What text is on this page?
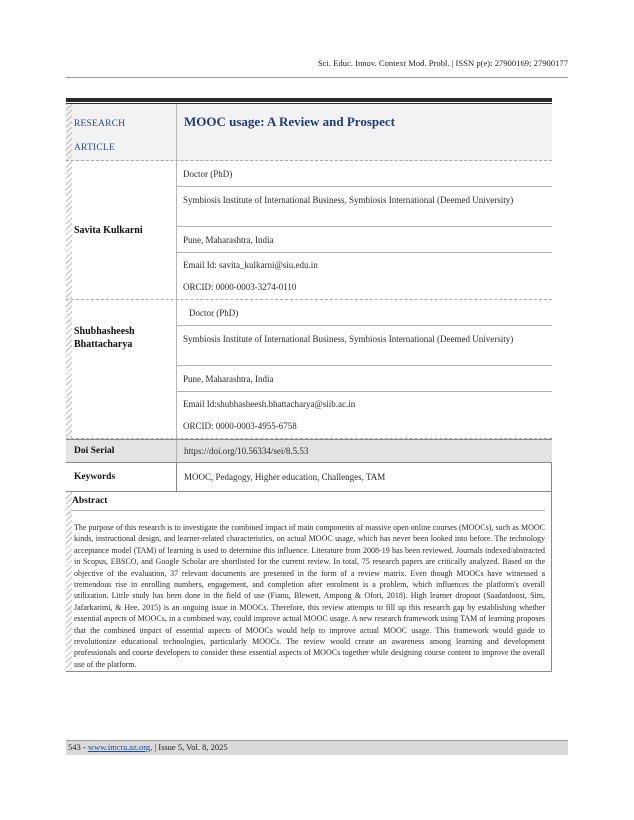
Sci. Educ. Innov. Context Mod. Probl. | ISSN p(e): 27900169; 27900177
RESEARCH
ARTICLE
MOOC usage: A Review and Prospect
Savita Kulkarni
Doctor (PhD)
Symbiosis Institute of International Business, Symbiosis International (Deemed University)
Pune, Maharashtra, India
Email Id: savita_kulkarni@siu.edu.in
ORCID: 0000-0003-3274-0110
Shubhasheesh
Bhattacharya
Doctor (PhD)
Symbiosis Institute of International Business, Symbiosis International (Deemed University)
Pune, Maharashtra, India
Email Id:shubhasheesh.bhattacharya@siib.ac.in
ORCID: 0000-0003-4955-6758
Doi Serial	https://doi.org/10.56334/sei/8.5.53
Keywords	MOOC, Pedagogy, Higher education, Challenges, TAM
Abstract
The purpose of this research is to investigate the combined impact of main components of massive open online courses (MOOCs), such as MOOC kinds, instructional design, and learner-related characteristics, on actual MOOC usage, which has never been looked into before. The technology acceptance model (TAM) of learning is used to determine this influence. Literature from 2008-19 has been reviewed. Journals indexed/abstracted in Scopus, EBSCO, and Google Scholar are shortlisted for the current review. In total, 75 research papers are critically analyzed. Based on the objective of the evaluation, 37 relevant documents are presented in the form of a review matrix. Even though MOOCs have witnessed a tremendous rise in enrolling numbers, engagement, and completion after enrolment is a problem, which influences the platform's overall utilization. Little study has been done in the field of use (Fianu, Blewett, Ampong & Ofori, 2018). High learner dropout (Saadatdoost, Sim, Jafarkarimi, & Hee, 2015) is an ongoing issue in MOOCs. Therefore, this review attempts to fill up this research gap by establishing whether essential aspects of MOOCs, in a combined way, could improve actual MOOC usage. A new research framework using TAM of learning proposes that the combined impact of essential aspects of MOOCs would help to improve actual MOOC usage. This framework would guide to revolutionize educational technologies, particularly MOOCs. The review would create an awareness among learning and development professionals and course developers to consider these essential aspects of MOOCs together while designing course content to improve the overall use of the platform.
543 - www.imcra.az.org, | Issue 5, Vol. 8, 2025
